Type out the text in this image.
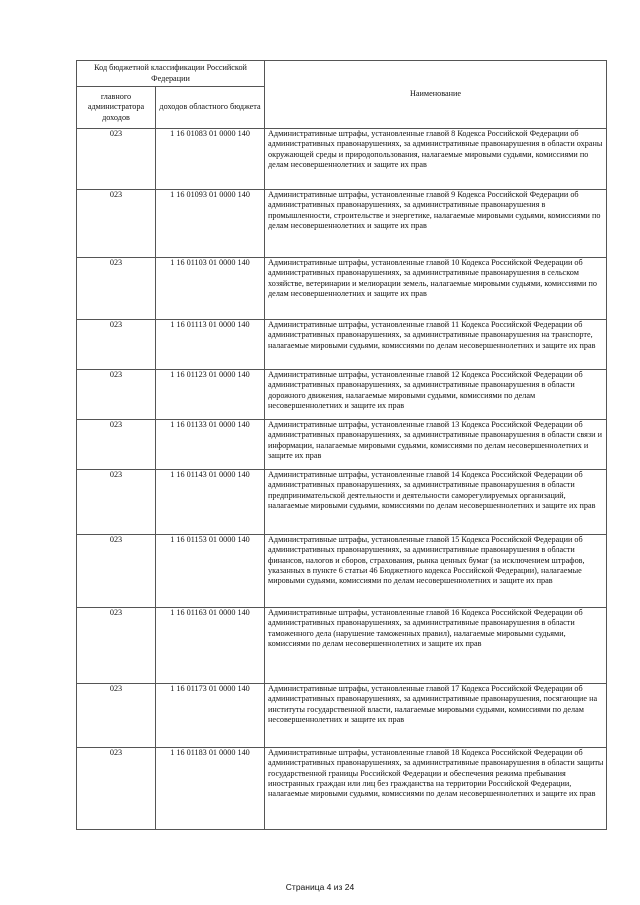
Код бюджетной классификации Российской Федерации		Наименование
главного администратора доходов	доходов областного бюджета	
023	1 16 01083 01 0000 140	Административные штрафы, установленные главой 8 Кодекса Российской Федерации об административных правонарушениях, за административные правонарушения в области охраны окружающей среды и природопользования, налагаемые мировыми судьями, комиссиями по делам несовершеннолетних и защите их прав
023	1 16 01093 01 0000 140	Административные штрафы, установленные главой 9 Кодекса Российской Федерации об административных правонарушениях, за административные правонарушения в промышленности, строительстве и энергетике, налагаемые мировыми судьями, комиссиями по делам несовершеннолетних и защите их прав
023	1 16 01103 01 0000 140	Административные штрафы, установленные главой 10 Кодекса Российской Федерации об административных правонарушениях, за административные правонарушения в сельском хозяйстве, ветеринарии и мелиорации земель, налагаемые мировыми судьями, комиссиями по делам несовершеннолетних и защите их прав
023	1 16 01113 01 0000 140	Административные штрафы, установленные главой 11 Кодекса Российской Федерации об административных правонарушениях, за административные правонарушения на транспорте, налагаемые мировыми судьями, комиссиями по делам несовершеннолетних и защите их прав
023	1 16 01123 01 0000 140	Административные штрафы, установленные главой 12 Кодекса Российской Федерации об административных правонарушениях, за административные правонарушения в области дорожного движения, налагаемые мировыми судьями, комиссиями по делам несовершеннолетних и защите их прав
023	1 16 01133 01 0000 140	Административные штрафы, установленные главой 13 Кодекса Российской Федерации об административных правонарушениях, за административные правонарушения в области связи и информации, налагаемые мировыми судьями, комиссиями по делам несовершеннолетних и защите их прав
023	1 16 01143 01 0000 140	Административные штрафы, установленные главой 14 Кодекса Российской Федерации об административных правонарушениях, за административные правонарушения в области предпринимательской деятельности и деятельности саморегулируемых организаций, налагаемые мировыми судьями, комиссиями по делам несовершеннолетних и защите их прав
023	1 16 01153 01 0000 140	Административные штрафы, установленные главой 15 Кодекса Российской Федерации об административных правонарушениях, за административные правонарушения в области финансов, налогов и сборов, страхования, рынка ценных бумаг (за исключением штрафов, указанных в пункте 6 статьи 46 Бюджетного кодекса Российской Федерации), налагаемые мировыми судьями, комиссиями по делам несовершеннолетних и защите их прав
023	1 16 01163 01 0000 140	Административные штрафы, установленные главой 16 Кодекса Российской Федерации об административных правонарушениях, за административные правонарушения в области таможенного дела (нарушение таможенных правил), налагаемые мировыми судьями, комиссиями по делам несовершеннолетних и защите их прав
023	1 16 01173 01 0000 140	Административные штрафы, установленные главой 17 Кодекса Российской Федерации об административных правонарушениях, за административные правонарушения, посягающие на институты государственной власти, налагаемые мировыми судьями, комиссиями по делам несовершеннолетних и защите их прав
023	1 16 01183 01 0000 140	Административные штрафы, установленные главой 18 Кодекса Российской Федерации об административных правонарушениях, за административные правонарушения в области защиты государственной границы Российской Федерации и обеспечения режима пребывания иностранных граждан или лиц без гражданства на территории Российской Федерации, налагаемые мировыми судьями, комиссиями по делам несовершеннолетних и защите их прав
Страница 4 из 24
